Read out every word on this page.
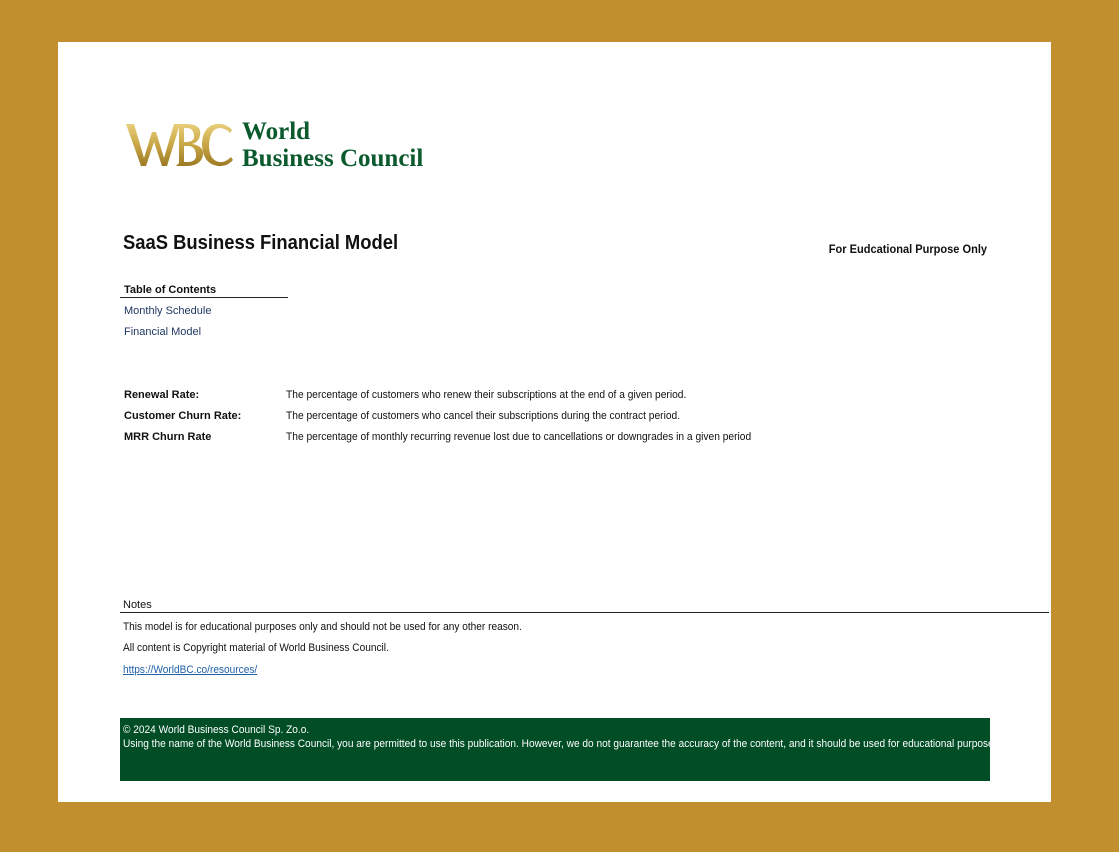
World
Business Council
SaaS Business Financial Model	For Eudcational Purpose Only
Table of Contents
Monthly Schedule
Financial Model
Renewal Rate:	The percentage of customers who renew their subscriptions at the end of a given period.
Customer Churn Rate:	The percentage of customers who cancel their subscriptions during the contract period.
MRR Churn Rate	The percentage of monthly recurring revenue lost due to cancellations or downgrades in a given period
Notes
This model is for educational purposes only and should not be used for any other reason.
All content is Copyright material of World Business Council.
https://WorldBC.co/resources/
© 2024 World Business Council Sp. Zo.o.
Using the name of the World Business Council, you are permitted to use this publication. However, we do not guarantee the accuracy of the content, and it should be used for educational purposes only.
